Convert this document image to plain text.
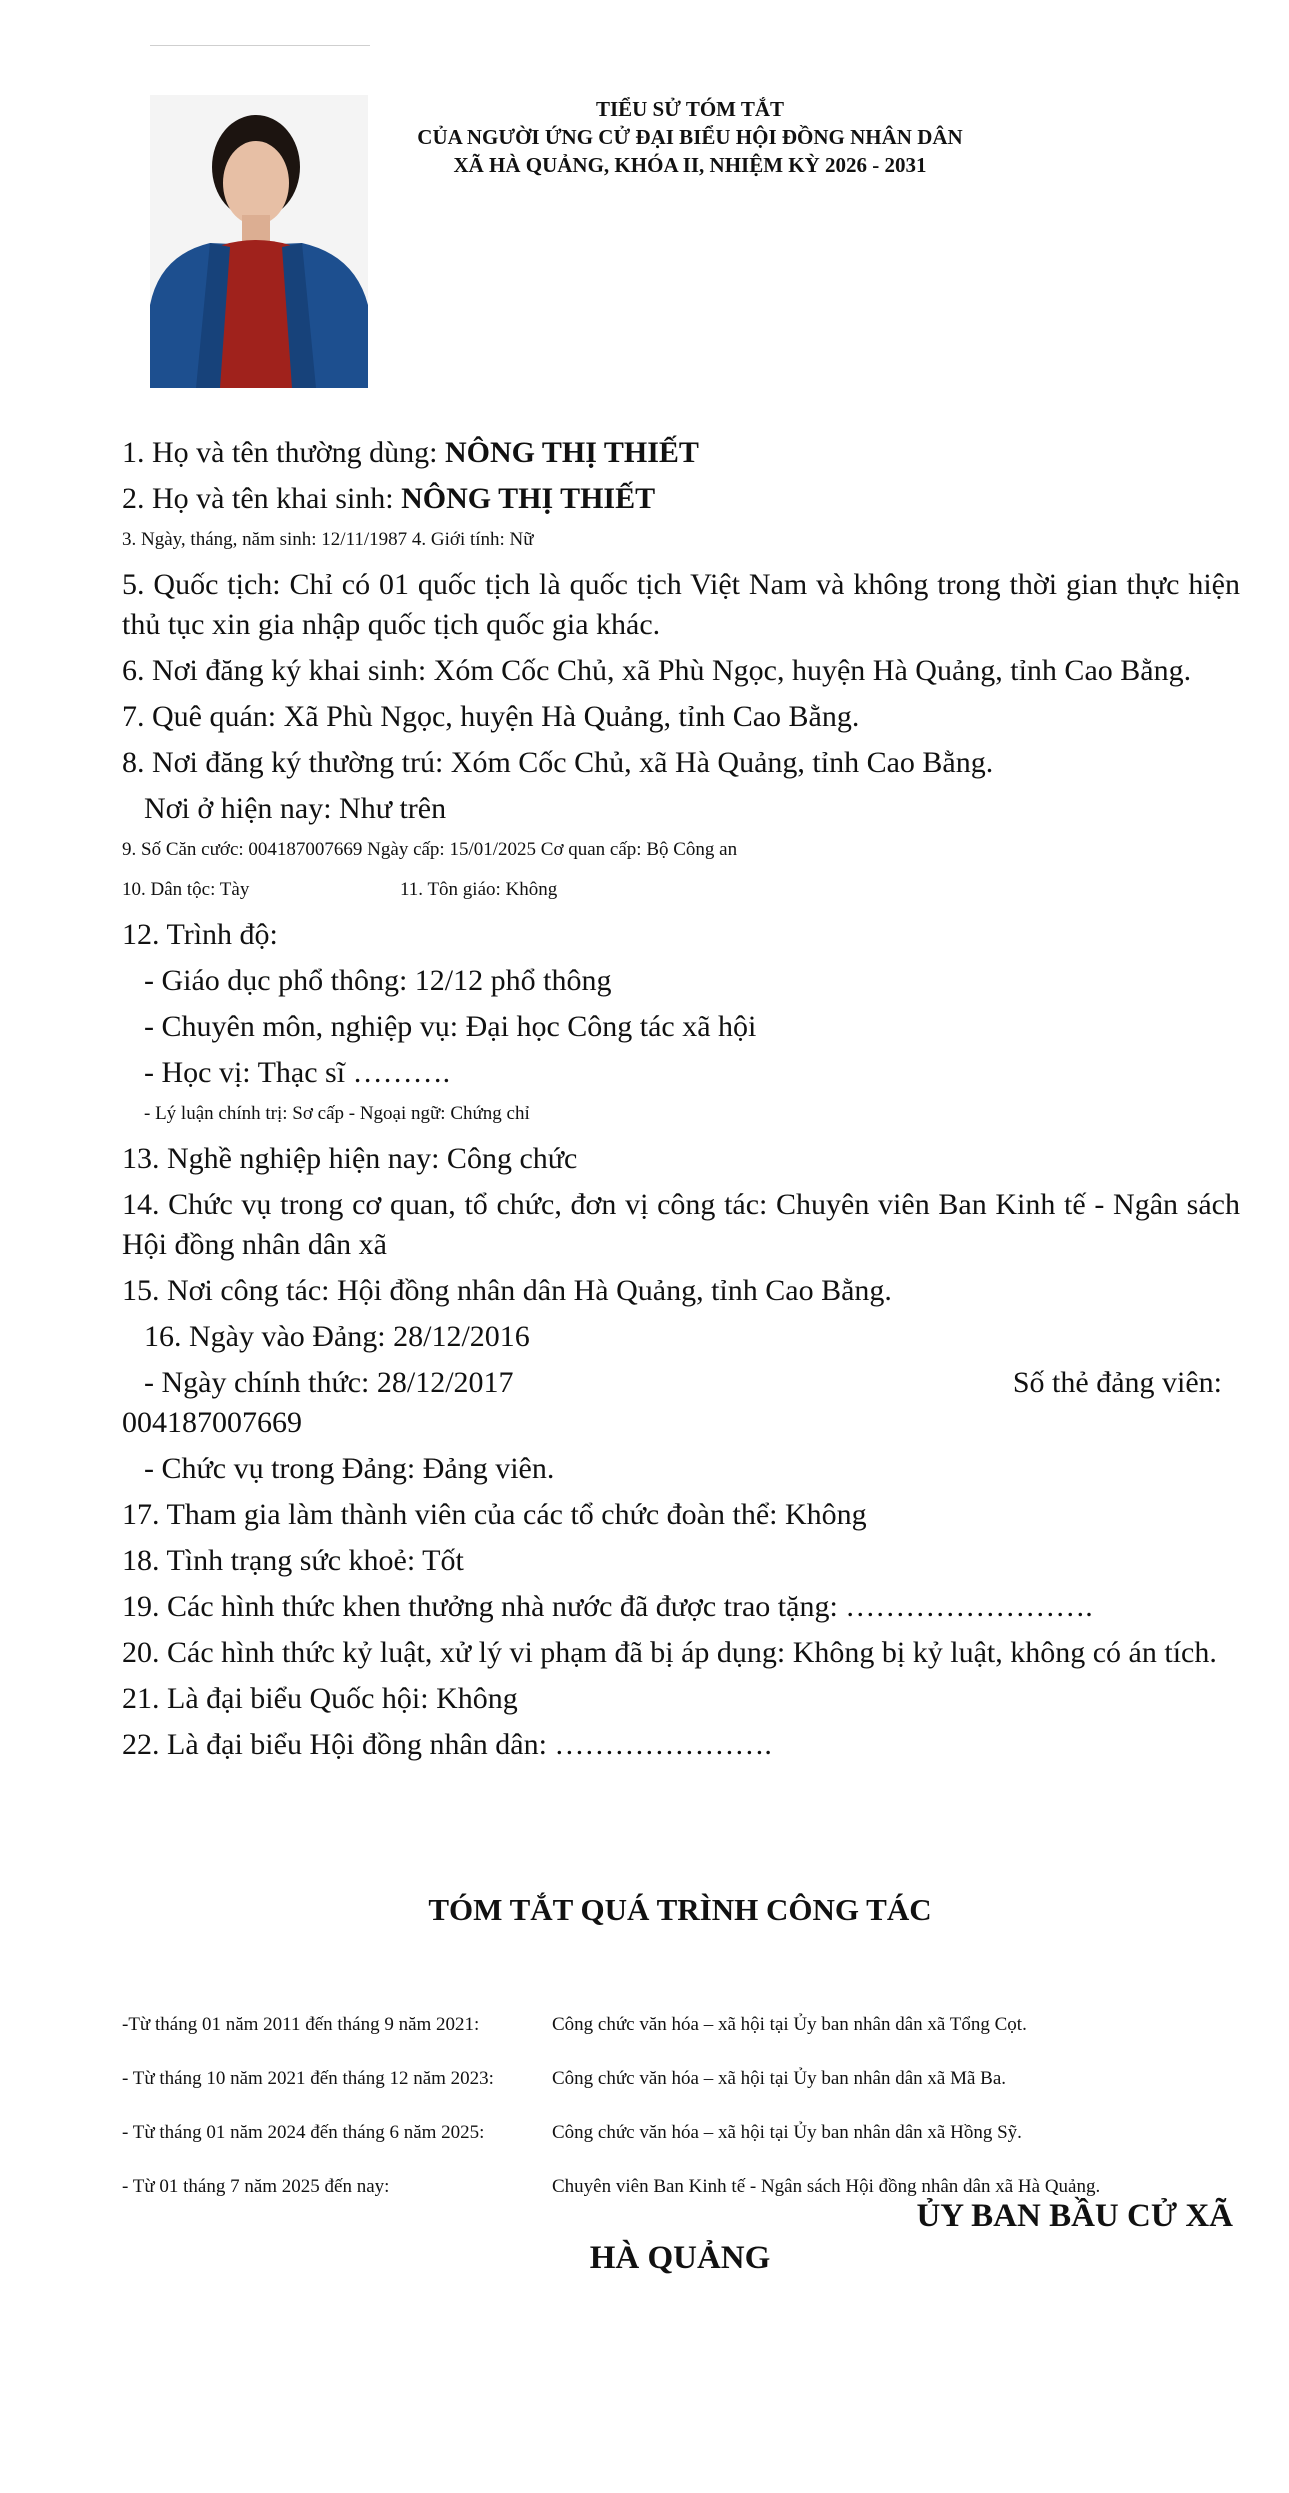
TIỂU SỬ TÓM TẮT
CỦA NGƯỜI ỨNG CỬ ĐẠI BIỂU HỘI ĐỒNG NHÂN DÂN
XÃ HÀ QUẢNG, KHÓA II, NHIỆM KỲ 2026 - 2031
1. Họ và tên thường dùng: NÔNG THỊ THIẾT
2. Họ và tên khai sinh: NÔNG THỊ THIẾT
3. Ngày, tháng, năm sinh: 12/11/1987 4. Giới tính: Nữ
5. Quốc tịch: Chỉ có 01 quốc tịch là quốc tịch Việt Nam và không trong thời gian thực hiện thủ tục xin gia nhập quốc tịch quốc gia khác.
6. Nơi đăng ký khai sinh: Xóm Cốc Chủ, xã Phù Ngọc, huyện Hà Quảng, tỉnh Cao Bằng.
7. Quê quán: Xã Phù Ngọc, huyện Hà Quảng, tỉnh Cao Bằng.
8. Nơi đăng ký thường trú: Xóm Cốc Chủ, xã Hà Quảng, tỉnh Cao Bằng.
Nơi ở hiện nay: Như trên
9. Số Căn cước: 004187007669 Ngày cấp: 15/01/2025 Cơ quan cấp: Bộ Công an
10. Dân tộc: Tày	11. Tôn giáo: Không
12. Trình độ:
- Giáo dục phổ thông: 12/12 phổ thông
- Chuyên môn, nghiệp vụ: Đại học Công tác xã hội
- Học vị: Thạc sĩ ……….
- Lý luận chính trị: Sơ cấp - Ngoại ngữ: Chứng chỉ
13. Nghề nghiệp hiện nay: Công chức
14. Chức vụ trong cơ quan, tổ chức, đơn vị công tác: Chuyên viên Ban Kinh tế - Ngân sách Hội đồng nhân dân xã
15. Nơi công tác: Hội đồng nhân dân Hà Quảng, tỉnh Cao Bằng.
16. Ngày vào Đảng: 28/12/2016
- Ngày chính thức: 28/12/2017	Số thẻ đảng viên:
004187007669
- Chức vụ trong Đảng: Đảng viên.
17. Tham gia làm thành viên của các tổ chức đoàn thể: Không
18. Tình trạng sức khoẻ: Tốt
19. Các hình thức khen thưởng nhà nước đã được trao tặng: …………………….
20. Các hình thức kỷ luật, xử lý vi phạm đã bị áp dụng: Không bị kỷ luật, không có án tích.
21. Là đại biểu Quốc hội: Không
22. Là đại biểu Hội đồng nhân dân: ………………….
TÓM TẮT QUÁ TRÌNH CÔNG TÁC
-Từ tháng 01 năm 2011 đến tháng 9 năm 2021:	Công chức văn hóa – xã hội tại Ủy ban nhân dân xã Tổng Cọt.
- Từ tháng 10 năm 2021 đến tháng 12 năm 2023:	Công chức văn hóa – xã hội tại Ủy ban nhân dân xã Mã Ba.
- Từ tháng 01 năm 2024 đến tháng 6 năm 2025:	Công chức văn hóa – xã hội tại Ủy ban nhân dân xã Hồng Sỹ.
- Từ 01 tháng 7 năm 2025 đến nay:	Chuyên viên Ban Kinh tế - Ngân sách Hội đồng nhân dân xã Hà Quảng.
ỦY BAN BẦU CỬ XÃ
HÀ QUẢNG
